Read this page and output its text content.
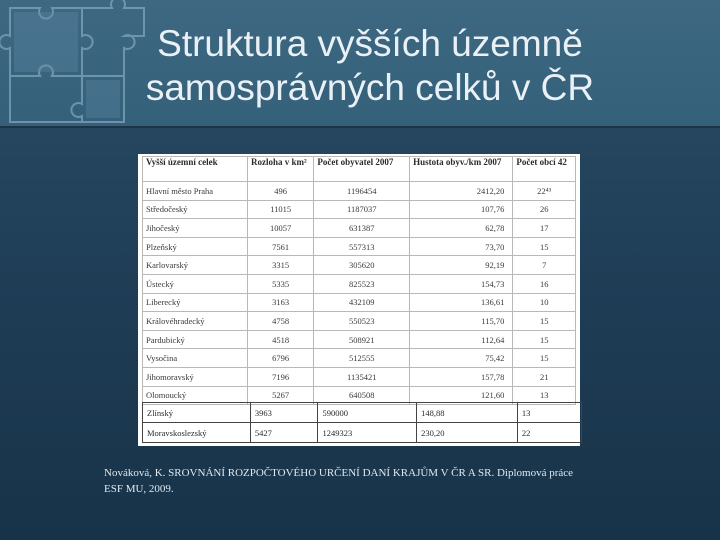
Struktura vyšších územně
samosprávných celků v ČR
Vyšší územní celek	Rozloha v km²	Počet obyvatel 2007	Hustota obyv./km 2007	Počet obcí 42
Hlavní město Praha	496	1196454	2412,20	22⁴³
Středočeský	11015	1187037	107,76	26
Jihočeský	10057	631387	62,78	17
Plzeňský	7561	557313	73,70	15
Karlovarský	3315	305620	92,19	7
Ústecký	5335	825523	154,73	16
Liberecký	3163	432109	136,61	10
Královéhradecký	4758	550523	115,70	15
Pardubický	4518	508921	112,64	15
Vysočina	6796	512555	75,42	15
Jihomoravský	7196	1135421	157,78	21
Olomoucký	5267	640508	121,60	13
Zlínský	3963	590000	148,88	13
Moravskoslezský	5427	1249323	230,20	22
Nováková, K. SROVNÁNÍ ROZPOČTOVÉHO URČENÍ DANÍ KRAJŮM V ČR A SR. Diplomová práce
ESF MU, 2009.
